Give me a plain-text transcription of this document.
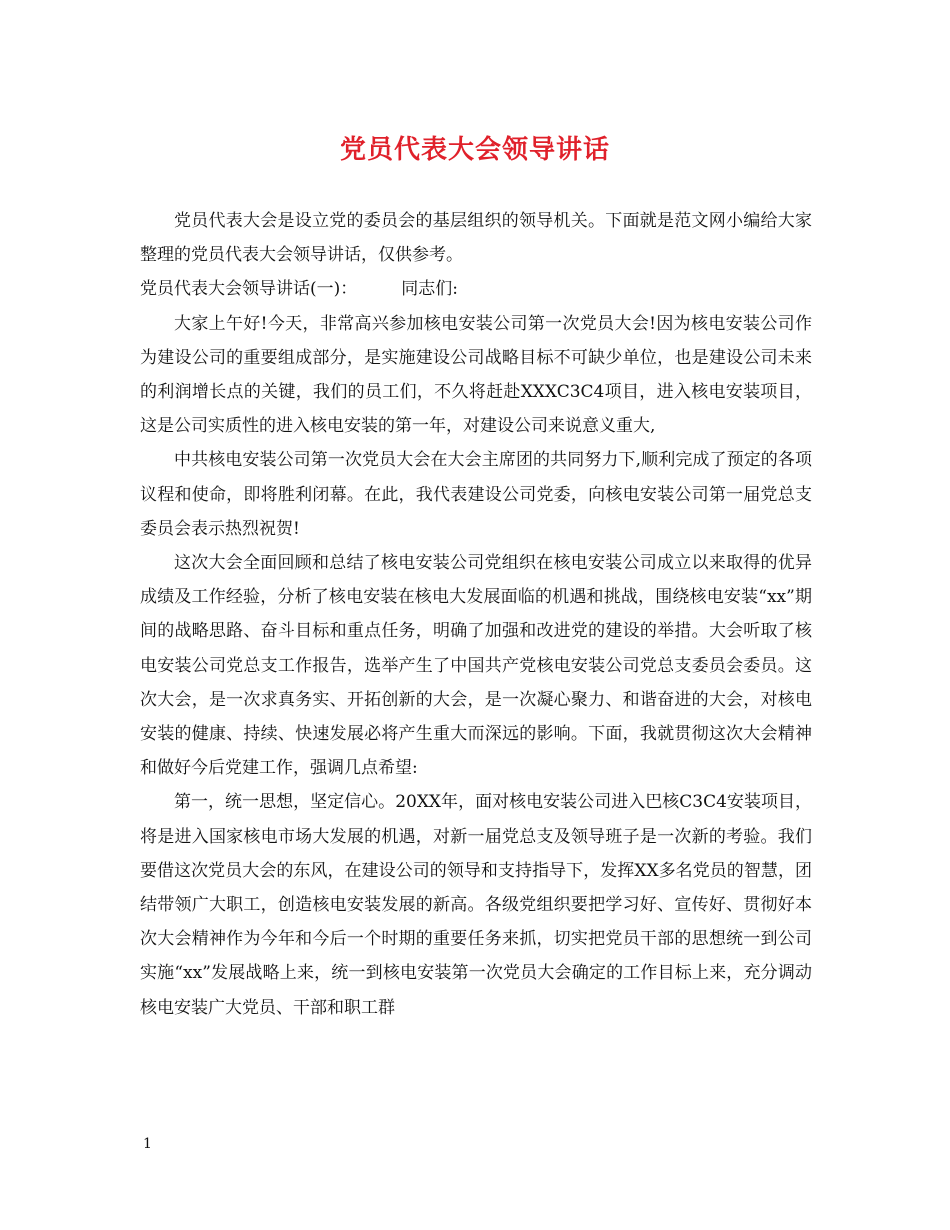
党员代表大会领导讲话

党员代表大会是设立党的委员会的基层组织的领导机关。下面就是范文网小编给大家整理的党员代表大会领导讲话，仅供参考。

党员代表大会领导讲话(一)：	同志们:

大家上午好!今天，非常高兴参加核电安装公司第一次党员大会!因为核电安装公司作为建设公司的重要组成部分，是实施建设公司战略目标不可缺少单位，也是建设公司未来的利润增长点的关键，我们的员工们，不久将赶赴XXXC3C4项目，进入核电安装项目，这是公司实质性的进入核电安装的第一年，对建设公司来说意义重大,

中共核电安装公司第一次党员大会在大会主席团的共同努力下,顺利完成了预定的各项议程和使命，即将胜利闭幕。在此，我代表建设公司党委，向核电安装公司第一届党总支委员会表示热烈祝贺!

这次大会全面回顾和总结了核电安装公司党组织在核电安装公司成立以来取得的优异成绩及工作经验，分析了核电安装在核电大发展面临的机遇和挑战，围绕核电安装“xx”期间的战略思路、奋斗目标和重点任务，明确了加强和改进党的建设的举措。大会听取了核电安装公司党总支工作报告，选举产生了中国共产党核电安装公司党总支委员会委员。这次大会，是一次求真务实、开拓创新的大会，是一次凝心聚力、和谐奋进的大会，对核电安装的健康、持续、快速发展必将产生重大而深远的影响。下面，我就贯彻这次大会精神和做好今后党建工作，强调几点希望:

第一，统一思想，坚定信心。20XX年，面对核电安装公司进入巴核C3C4安装项目，将是进入国家核电市场大发展的机遇，对新一届党总支及领导班子是一次新的考验。我们要借这次党员大会的东风，在建设公司的领导和支持指导下，发挥XX多名党员的智慧，团结带领广大职工，创造核电安装发展的新高。各级党组织要把学习好、宣传好、贯彻好本次大会精神作为今年和今后一个时期的重要任务来抓，切实把党员干部的思想统一到公司实施“xx”发展战略上来，统一到核电安装第一次党员大会确定的工作目标上来，充分调动核电安装广大党员、干部和职工群

1
